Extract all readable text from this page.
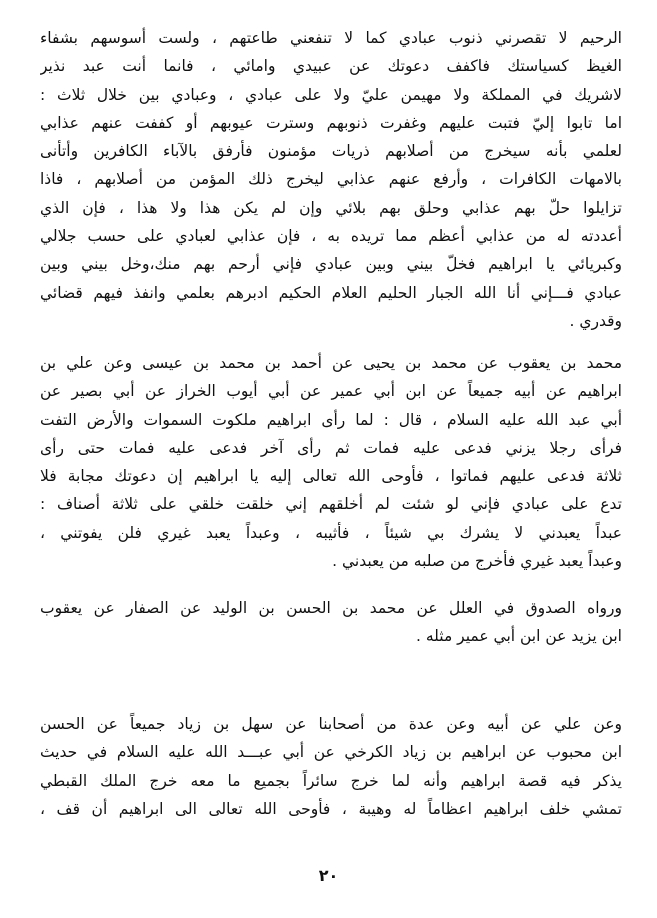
الرحيم لا تقصرني ذنوب عبادي كما لا تنفعني طاعتهم ، ولست أسوسهم بشفاء
الغيظ كسياستك فاكفف دعوتك عن عبيدي وامائي ، فانما أنت عبد نذير
لاشريك في المملكة ولا مهيمن عليّ ولا على عبادي ، وعبادي بين خلال ثلاث :
اما تابوا إليّ فتبت عليهم وغفرت ذنوبهم وسترت عيوبهم أو كففت عنهم عذابي
لعلمي بأنه سيخرج من أصلابهم ذريات مؤمنون فأرفق بالآباء الكافرين وأتأنى
بالامهات الكافرات ، وأرفع عنهم عذابي ليخرج ذلك المؤمن من أصلابهم ، فاذا
تزايلوا حلّ بهم عذابي وحلق بهم بلائي وإن لم يكن هذا ولا هذا ، فإن الذي
أعددته له من عذابي أعظم مما تريده به ، فإن عذابي لعبادي على حسب جلالي
وكبريائي يا ابراهيم فخلّ بيني وبين عبادي فإني أرحم بهم منك،وخل بيني وبين
عبادي فـــإني أنا الله الجبار الحليم العلام الحكيم ادبرهم بعلمي وانفذ فيهم قضائي
وقدري .
محمد بن يعقوب عن محمد بن يحيى عن أحمد بن محمد بن عيسى وعن علي بن
ابراهيم عن أبيه جميعاً عن ابن أبي عمير عن أبي أيوب الخراز عن أبي بصير عن
أبي عبد الله عليه السلام ، قال : لما رأى ابراهيم ملكوت السموات والأرض التفت
فرأى رجلا يزني فدعى عليه فمات ثم رأى آخر فدعى عليه فمات حتى رأى
ثلاثة فدعى عليهم فماتوا ، فأوحى الله تعالى إليه يا ابراهيم إن دعوتك مجابة فلا
تدع على عبادي فإني لو شئت لم أخلقهم إني خلقت خلقي على ثلاثة أصناف :
عبداً يعبدني لا يشرك بي شيئاً ، فأثيبه ، وعبداً يعبد غيري فلن يفوتني ،
وعبداً يعبد غيري فأخرج من صلبه من يعبدني .
ورواه الصدوق في العلل عن محمد بن الحسن بن الوليد عن الصفار عن يعقوب
ابن يزيد عن ابن أبي عمير مثله .
وعن علي عن أبيه وعن عدة من أصحابنا عن سهل بن زياد جميعاً عن الحسن
ابن محبوب عن ابراهيم بن زياد الكرخي عن أبي عبـــد الله عليه السلام في حديث
يذكر فيه قصة ابراهيم وأنه لما خرج سائراً بجميع ما معه خرج الملك القبطي
تمشي خلف ابراهيم اعظاماً له وهيبة ، فأوحى الله تعالى الى ابراهيم أن قف ،
٢٠
